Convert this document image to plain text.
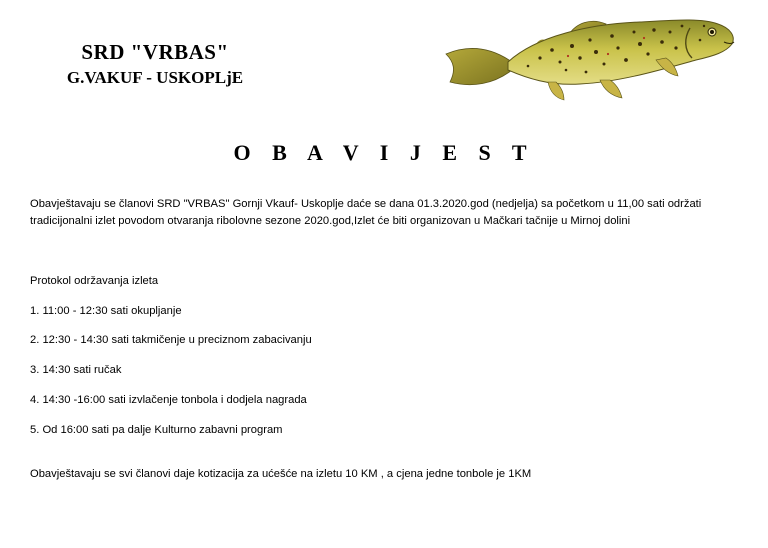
SRD "VRBAS"
G.VAKUF - USKOPLjE
O B A V I J E S T

Obavještavaju se članovi SRD "VRBAS" Gornji Vkauf- Uskoplje daće se dana 01.3.2020.god (nedjelja) sa početkom u 11,00 sati održati tradicijonalni izlet povodom otvaranja ribolovne sezone 2020.god,Izlet će biti organizovan u Mačkari tačnije u Mirnoj dolini

Protokol održavanja izleta

1. 11:00 - 12:30 sati okupljanje

2. 12:30 - 14:30 sati takmičenje u preciznom zabacivanju

3. 14:30 sati ručak

4. 14:30 -16:00 sati izvlačenje tonbola i dodjela nagrada

5. Od 16:00 sati pa dalje Kulturno zabavni program

Obavještavaju se svi članovi daje kotizacija za ućešće na izletu 10 KM , a cjena jedne tonbole je 1KM
